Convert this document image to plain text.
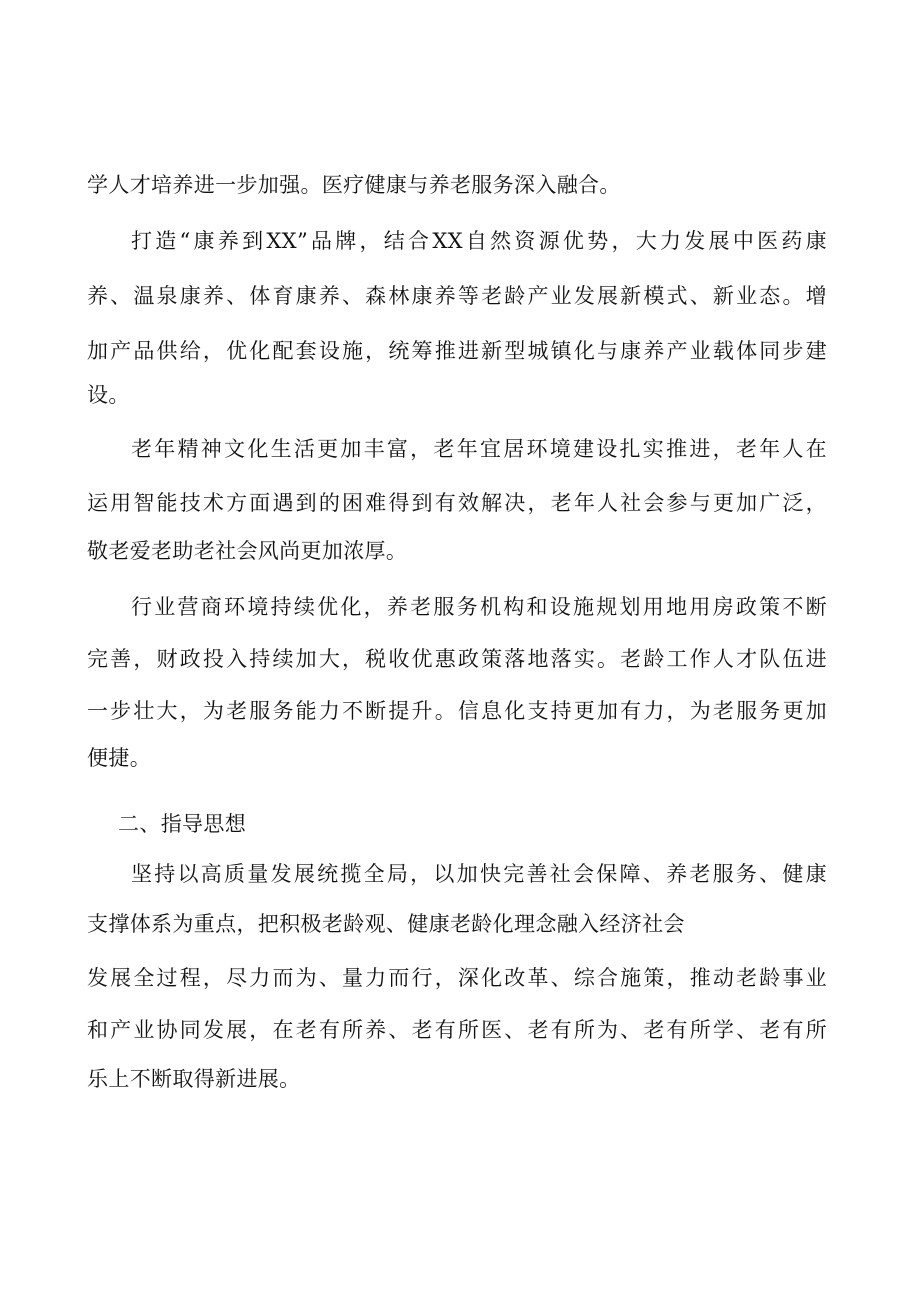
学人才培养进一步加强。医疗健康与养老服务深入融合。
打造“康养到XX”品牌，结合XX自然资源优势，大力发展中医药康
养、温泉康养、体育康养、森林康养等老龄产业发展新模式、新业态。增
加产品供给，优化配套设施，统筹推进新型城镇化与康养产业载体同步建
设。
老年精神文化生活更加丰富，老年宜居环境建设扎实推进，老年人在
运用智能技术方面遇到的困难得到有效解决，老年人社会参与更加广泛，
敬老爱老助老社会风尚更加浓厚。
行业营商环境持续优化，养老服务机构和设施规划用地用房政策不断
完善，财政投入持续加大，税收优惠政策落地落实。老龄工作人才队伍进
一步壮大，为老服务能力不断提升。信息化支持更加有力，为老服务更加
便捷。
二、指导思想
坚持以高质量发展统揽全局，以加快完善社会保障、养老服务、健康
支撑体系为重点，把积极老龄观、健康老龄化理念融入经济社会
发展全过程，尽力而为、量力而行，深化改革、综合施策，推动老龄事业
和产业协同发展，在老有所养、老有所医、老有所为、老有所学、老有所
乐上不断取得新进展。
